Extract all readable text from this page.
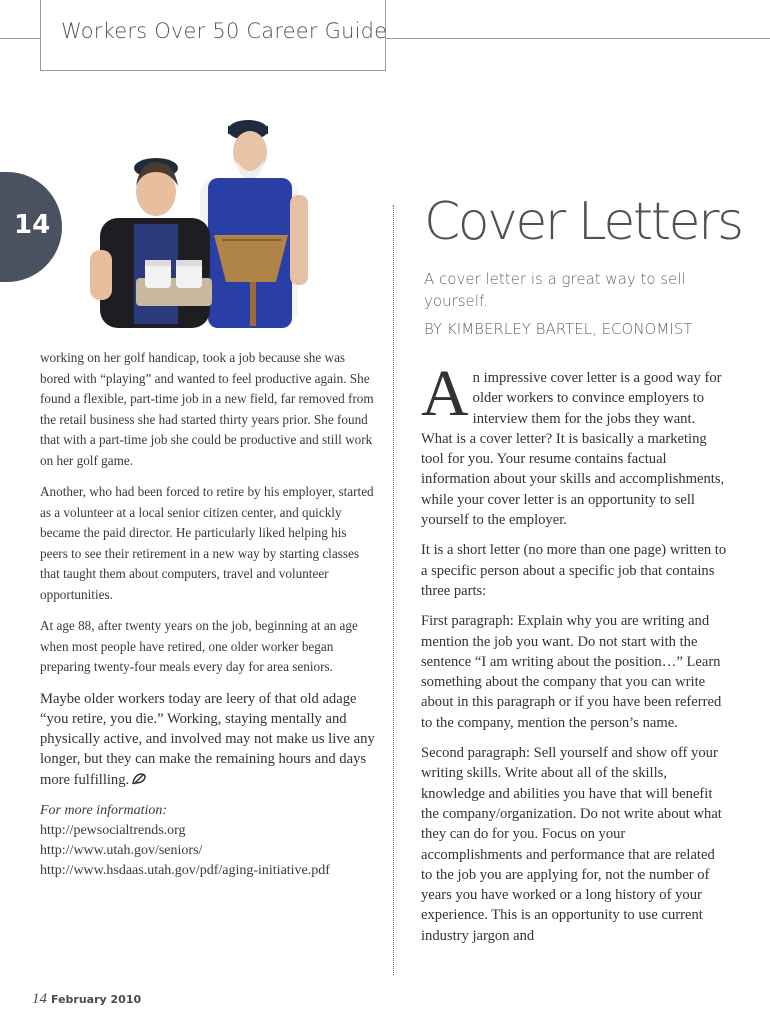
Workers Over 50 Career Guide
14	Cover Letters
A cover letter is a great way to sell yourself.
BY KIMBERLEY BARTEL, ECONOMIST

working on her golf handicap, took a job because she was bored with “playing” and wanted to feel productive again. She found a flexible, part-time job in a new field, far removed from the retail business she had started thirty years prior. She found that with a part-time job she could be productive and still work on her golf game.

Another, who had been forced to retire by his employer, started as a volunteer at a local senior citizen center, and quickly became the paid director. He particularly liked helping his peers to see their retirement in a new way by starting classes that taught them about computers, travel and volunteer opportunities.

At age 88, after twenty years on the job, beginning at an age when most people have retired, one older worker began preparing twenty-four meals every day for area seniors.

Maybe older workers today are leery of that old adage “you retire, you die.” Working, staying mentally and physically active, and involved may not make us live any longer, but they can make the remaining hours and days more fulfilling.

For more information:
http://pewsocialtrends.org
http://www.utah.gov/seniors/
http://www.hsdaas.utah.gov/pdf/aging-initiative.pdf

An impressive cover letter is a good way for older workers to convince employers to interview them for the jobs they want. What is a cover letter? It is basically a marketing tool for you. Your resume contains factual information about your skills and accomplishments, while your cover letter is an opportunity to sell yourself to the employer.

It is a short letter (no more than one page) written to a specific person about a specific job that contains three parts:

First paragraph: Explain why you are writing and mention the job you want. Do not start with the sentence “I am writing about the position…” Learn something about the company that you can write about in this paragraph or if you have been referred to the company, mention the person’s name.

Second paragraph: Sell yourself and show off your writing skills. Write about all of the skills, knowledge and abilities you have that will benefit the company/organization. Do not write about what they can do for you. Focus on your accomplishments and performance that are related to the job you are applying for, not the number of years you have worked or a long history of your experience. This is an opportunity to use current industry jargon and

14 February 2010
